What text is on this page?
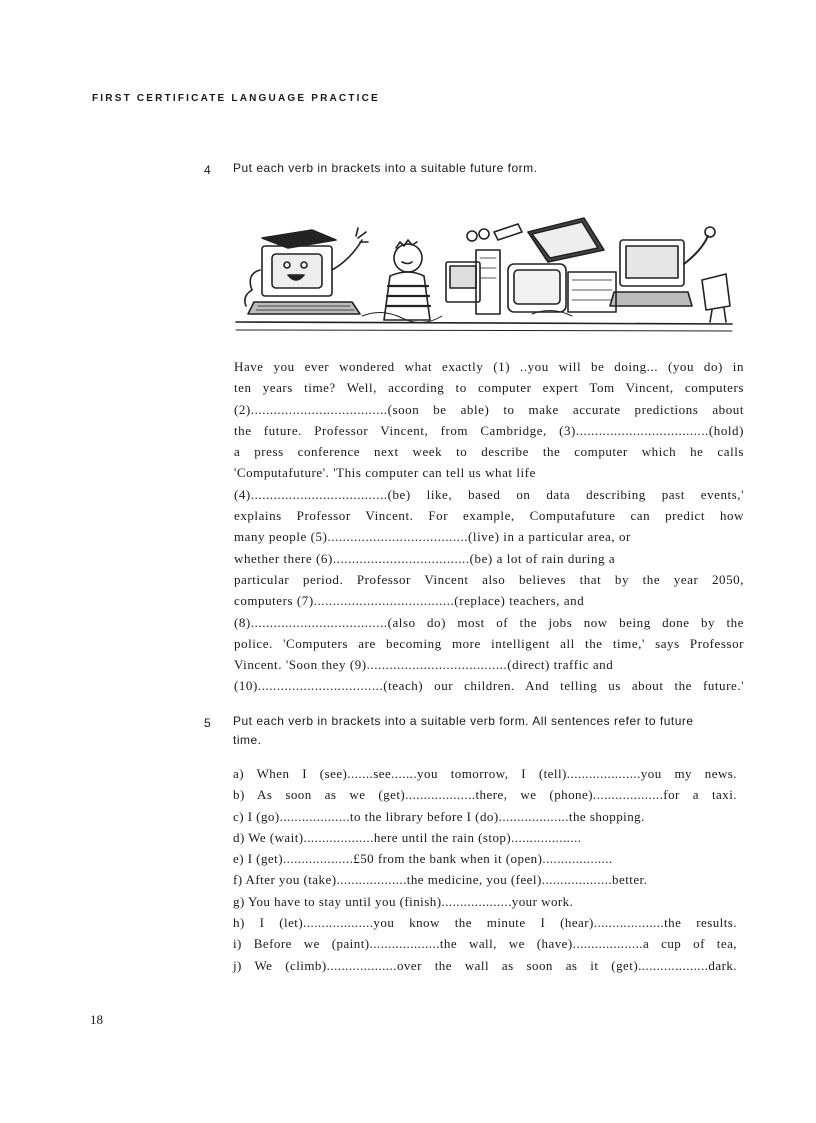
FIRST CERTIFICATE LANGUAGE PRACTICE
4 Put each verb in brackets into a suitable future form.
Have you ever wondered what exactly (1) ..you will be doing... (you do) in
ten years time? Well, according to computer expert Tom Vincent, computers
(2)....................................(soon be able) to make accurate predictions about
the future. Professor Vincent, from Cambridge, (3)...................................(hold)
a press conference next week to describe the computer which he calls
'Computafuture'. 'This computer can tell us what life
(4)....................................(be) like, based on data describing past events,'
explains Professor Vincent. For example, Computafuture can predict how
many people (5).....................................(live) in a particular area, or
whether there (6)....................................(be) a lot of rain during a
particular period. Professor Vincent also believes that by the year 2050,
computers (7).....................................(replace) teachers, and
(8)....................................(also do) most of the jobs now being done by the
police. 'Computers are becoming more intelligent all the time,' says Professor
Vincent. 'Soon they (9).....................................(direct) traffic and
(10).................................(teach) our children. And telling us about the future.'
5 Put each verb in brackets into a suitable verb form. All sentences refer to future
time.
a) When I (see).......see.......you tomorrow, I (tell)....................you my news.
b) As soon as we (get)...................there, we (phone)...................for a taxi.
c) I (go)...................to the library before I (do)...................the shopping.
d) We (wait)...................here until the rain (stop)...................
e) I (get)...................£50 from the bank when it (open)...................
f) After you (take)...................the medicine, you (feel)...................better.
g) You have to stay until you (finish)...................your work.
h) I (let)...................you know the minute I (hear)...................the results.
i) Before we (paint)...................the wall, we (have)...................a cup of tea,
j) We (climb)...................over the wall as soon as it (get)...................dark.
18
